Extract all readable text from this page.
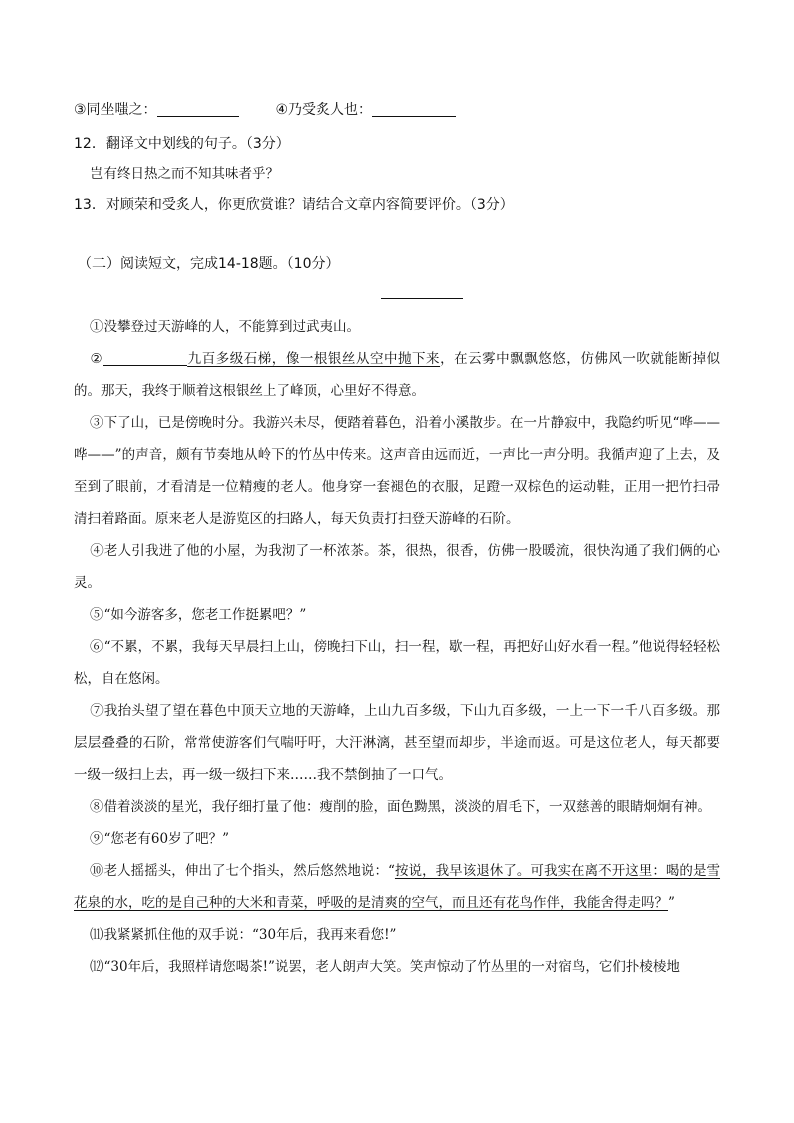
③同坐嗤之：	④乃受炙人也：
12．翻译文中划线的句子。（3分）
岂有终日热之而不知其味者乎？
13．对顾荣和受炙人，你更欣赏谁？请结合文章内容简要评价。（3分）
（二）阅读短文，完成14-18题。（10分）
①没攀登过天游峰的人，不能算到过武夷山。
②	九百多级石梯，像一根银丝从空中抛下来，在云雾中飘飘悠悠，仿佛风一吹就能断掉似的。那天，我终于顺着这根银丝上了峰顶，心里好不得意。
③下了山，已是傍晚时分。我游兴未尽，便踏着暮色，沿着小溪散步。在一片静寂中，我隐约听见“哗——哗——”的声音，颇有节奏地从岭下的竹丛中传来。这声音由远而近，一声比一声分明。我循声迎了上去，及至到了眼前，才看清是一位精瘦的老人。他身穿一套褪色的衣服，足蹬一双棕色的运动鞋，正用一把竹扫帚清扫着路面。原来老人是游览区的扫路人，每天负责打扫登天游峰的石阶。
④老人引我进了他的小屋，为我沏了一杯浓茶。茶，很热，很香，仿佛一股暖流，很快沟通了我们俩的心灵。
⑤“如今游客多，您老工作挺累吧？”
⑥“不累，不累，我每天早晨扫上山，傍晚扫下山，扫一程，歇一程，再把好山好水看一程。”他说得轻轻松松，自在悠闲。
⑦我抬头望了望在暮色中顶天立地的天游峰，上山九百多级，下山九百多级，一上一下一千八百多级。那层层叠叠的石阶，常常使游客们气喘吁吁，大汗淋漓，甚至望而却步，半途而返。可是这位老人，每天都要一级一级扫上去，再一级一级扫下来……我不禁倒抽了一口气。
⑧借着淡淡的星光，我仔细打量了他：瘦削的脸，面色黝黑，淡淡的眉毛下，一双慈善的眼睛炯炯有神。
⑨“您老有60岁了吧？”
⑩老人摇摇头，伸出了七个指头，然后悠然地说：“按说，我早该退休了。可我实在离不开这里：喝的是雪花泉的水，吃的是自己种的大米和青菜，呼吸的是清爽的空气，而且还有花鸟作伴，我能舍得走吗？”
⑾我紧紧抓住他的双手说：“30年后，我再来看您!”
⑿“30年后，我照样请您喝茶!”说罢，老人朗声大笑。笑声惊动了竹丛里的一对宿鸟，它们扑棱棱地
